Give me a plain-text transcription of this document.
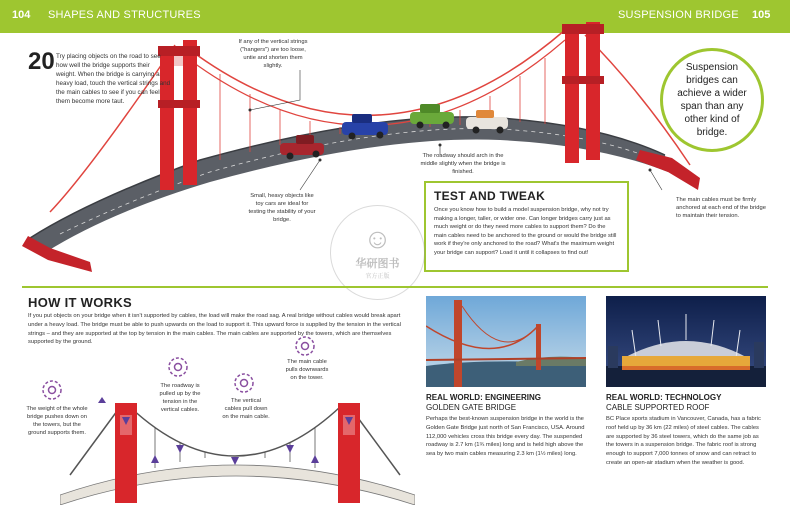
104 SHAPES AND STRUCTURES	SUSPENSION BRIDGE 105
20 Try placing objects on the road to see how well the bridge supports their weight. When the bridge is carrying a heavy load, touch the vertical strings and the main cables to see if you can feel them become more taut.
If any of the vertical strings ("hangers") are too loose, untie and shorten them slightly.
The roadway should arch in the middle slightly when the bridge is finished.
Small, heavy objects like toy cars are ideal for testing the stability of your bridge.
The main cables must be firmly anchored at each end of the bridge to maintain their tension.
Suspension bridges can achieve a wider span than any other kind of bridge.
TEST AND TWEAK
Once you know how to build a model suspension bridge, why not try making a longer, taller, or wider one. Can longer bridges carry just as much weight or do they need more cables to support them? Do the main cables need to be anchored to the ground or would the bridge still work if they're only anchored to the road? What's the maximum weight your bridge can support? Load it until it collapses to find out!
☺
华研图书
官方正版
HOW IT WORKS
If you put objects on your bridge when it isn't supported by cables, the load will make the road sag. A real bridge without cables would break apart under a heavy load. The bridge must be able to push upwards on the load to support it. This upward force is supplied by the tension in the vertical strings – and they are supported at the top by tension in the main cables. The main cables are supported by the towers, which are themselves supported by the ground.
The weight of the whole bridge pushes down on the towers, but the ground supports them.
The roadway is pulled up by the tension in the vertical cables.
The vertical cables pull down on the main cable.
The main cable pulls downwards on the tower.
REAL WORLD: ENGINEERING
GOLDEN GATE BRIDGE
Perhaps the best-known suspension bridge in the world is the Golden Gate Bridge just north of San Francisco, USA. Around 112,000 vehicles cross this bridge every day. The suspended roadway is 2.7 km (1¾ miles) long and is held high above the sea by two main cables measuring 2.3 km (1½ miles) long.
REAL WORLD: TECHNOLOGY
CABLE SUPPORTED ROOF
BC Place sports stadium in Vancouver, Canada, has a fabric roof held up by 36 km (22 miles) of steel cables. The cables are supported by 36 steel towers, which do the same job as the towers in a suspension bridge. The fabric roof is strong enough to support 7,000 tonnes of snow and can retract to create an open-air stadium when the weather is good.
